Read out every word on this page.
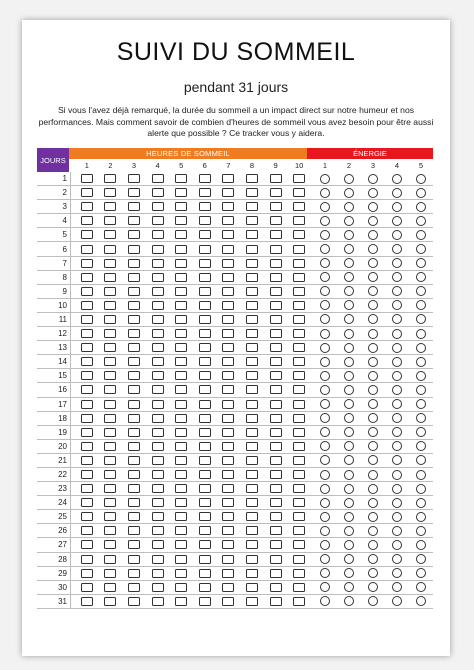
SUIVI DU SOMMEIL
pendant 31 jours
Si vous l'avez déjà remarqué, la durée du sommeil a un impact direct sur notre humeur et nos performances. Mais comment savoir de combien d'heures de sommeil vous avez besoin pour être aussi alerte que possible ? Ce tracker vous y aidera.
JOURS
HEURES DE SOMMEIL	ÉNERGIE
1	2	3	4	5	6	7	8	9	10	1	2	3	4	5
1
2
3
4
5
6
7
8
9
10
11
12
13
14
15
16
17
18
19
20
21
22
23
24
25
26
27
28
29
30
31
